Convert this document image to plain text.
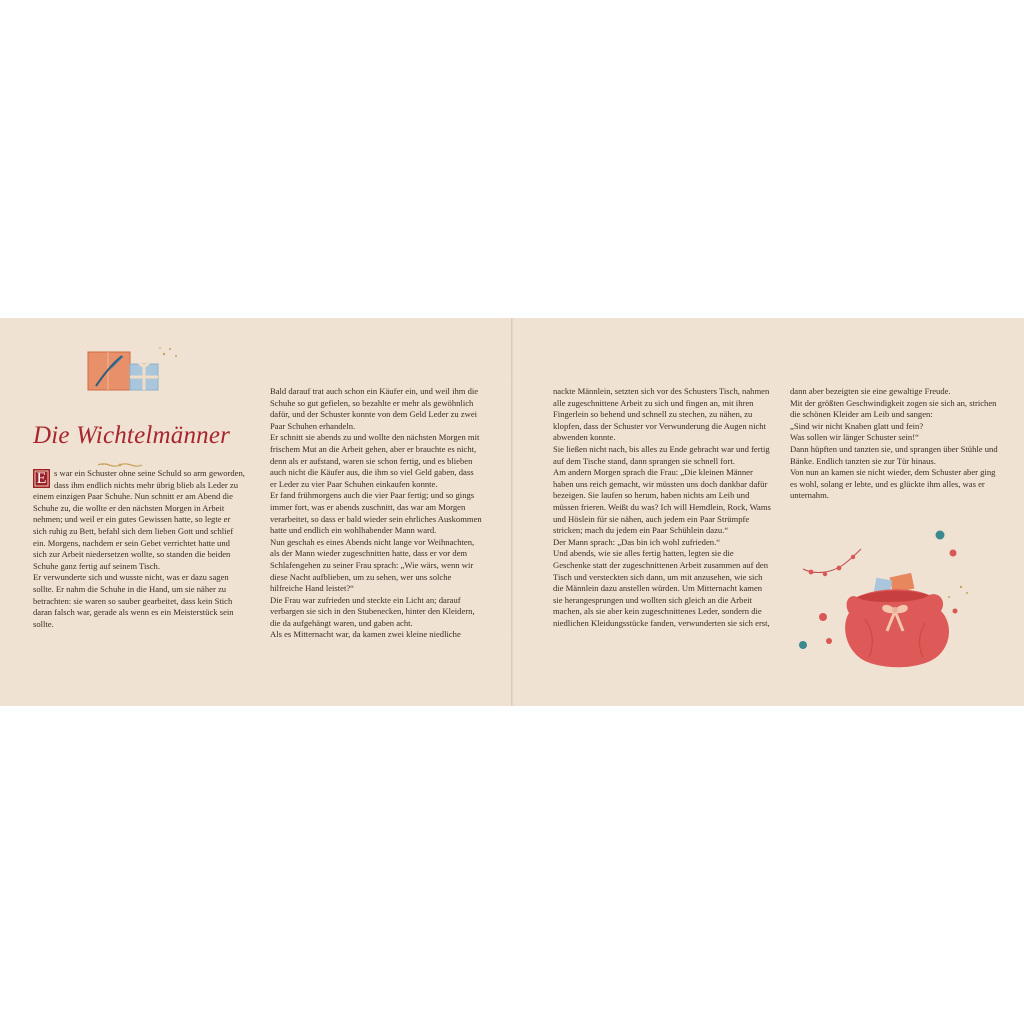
Die Wichtelmänner

E s war ein Schuster ohne seine Schuld so arm geworden, dass ihm endlich nichts mehr übrig blieb als Leder zu einem einzigen Paar Schuhe. Nun schnitt er am Abend die Schuhe zu, die wollte er den nächsten Morgen in Arbeit nehmen; und weil er ein gutes Gewissen hatte, so legte er sich ruhig zu Bett, befahl sich dem lieben Gott und schlief ein. Morgens, nachdem er sein Gebet verrichtet hatte und sich zur Arbeit niedersetzen wollte, so standen die beiden Schuhe ganz fertig auf seinem Tisch.

Er verwunderte sich und wusste nicht, was er dazu sagen sollte. Er nahm die Schuhe in die Hand, um sie näher zu betrachten: sie waren so sauber gearbeitet, dass kein Stich daran falsch war, gerade als wenn es ein Meisterstück sein sollte.

Bald darauf trat auch schon ein Käufer ein, und weil ihm die Schuhe so gut gefielen, so bezahlte er mehr als gewöhnlich dafür, und der Schuster konnte von dem Geld Leder zu zwei Paar Schuhen erhandeln.

Er schnitt sie abends zu und wollte den nächsten Morgen mit frischem Mut an die Arbeit gehen, aber er brauchte es nicht, denn als er aufstand, waren sie schon fertig, und es blieben auch nicht die Käufer aus, die ihm so viel Geld gaben, dass er Leder zu vier Paar Schuhen einkaufen konnte.

Er fand frühmorgens auch die vier Paar fertig; und so gings immer fort, was er abends zuschnitt, das war am Morgen verarbeitet, so dass er bald wieder sein ehrliches Auskommen hatte und endlich ein wohlhabender Mann ward.

Nun geschah es eines Abends nicht lange vor Weihnachten, als der Mann wieder zugeschnitten hatte, dass er vor dem Schlafengehen zu seiner Frau sprach: „Wie wärs, wenn wir diese Nacht aufblieben, um zu sehen, wer uns solche hilfreiche Hand leistet?“

Die Frau war zufrieden und steckte ein Licht an; darauf verbargen sie sich in den Stubenecken, hinter den Kleidern, die da aufgehängt waren, und gaben acht.

Als es Mitternacht war, da kamen zwei kleine niedliche

nackte Männlein, setzten sich vor des Schusters Tisch, nahmen alle zugeschnittene Arbeit zu sich und fingen an, mit ihren Fingerlein so behend und schnell zu stechen, zu nähen, zu klopfen, dass der Schuster vor Verwunderung die Augen nicht abwenden konnte.

Sie ließen nicht nach, bis alles zu Ende gebracht war und fertig auf dem Tische stand, dann sprangen sie schnell fort.

Am andern Morgen sprach die Frau: „Die kleinen Männer haben uns reich gemacht, wir müssten uns doch dankbar dafür bezeigen. Sie laufen so herum, haben nichts am Leib und müssen frieren. Weißt du was? Ich will Hemdlein, Rock, Wams und Höslein für sie nähen, auch jedem ein Paar Strümpfe stricken; mach du jedem ein Paar Schühlein dazu.“

Der Mann sprach: „Das bin ich wohl zufrieden.“

Und abends, wie sie alles fertig hatten, legten sie die Geschenke statt der zugeschnittenen Arbeit zusammen auf den Tisch und versteckten sich dann, um mit anzusehen, wie sich die Männlein dazu anstellen würden. Um Mitternacht kamen sie herangesprungen und wollten sich gleich an die Arbeit machen, als sie aber kein zugeschnittenes Leder, sondern die niedlichen Kleidungsstücke fanden, verwunderten sie sich erst,

dann aber bezeigten sie eine gewaltige Freude.

Mit der größten Geschwindigkeit zogen sie sich an, strichen die schönen Kleider am Leib und sangen:

„Sind wir nicht Knaben glatt und fein?

Was sollen wir länger Schuster sein!“

Dann hüpften und tanzten sie, und sprangen über Stühle und Bänke. Endlich tanzten sie zur Tür hinaus.

Von nun an kamen sie nicht wieder, dem Schuster aber ging es wohl, solang er lebte, und es glückte ihm alles, was er unternahm.
